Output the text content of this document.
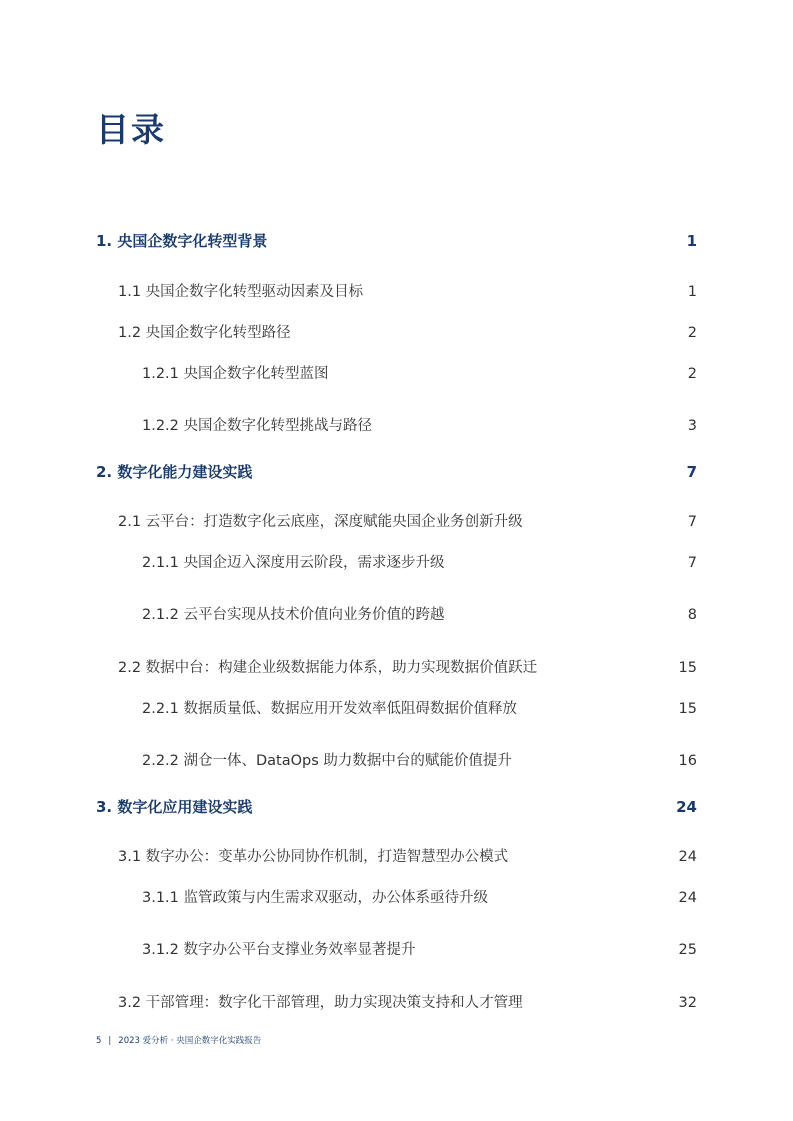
目录
1. 央国企数字化转型背景	1
1.1 央国企数字化转型驱动因素及目标	1
1.2 央国企数字化转型路径	2
1.2.1 央国企数字化转型蓝图	2
1.2.2 央国企数字化转型挑战与路径	3
2. 数字化能力建设实践	7
2.1 云平台：打造数字化云底座，深度赋能央国企业务创新升级	7
2.1.1 央国企迈入深度用云阶段，需求逐步升级	7
2.1.2 云平台实现从技术价值向业务价值的跨越	8
2.2 数据中台：构建企业级数据能力体系，助力实现数据价值跃迁	15
2.2.1 数据质量低、数据应用开发效率低阻碍数据价值释放	15
2.2.2 湖仓一体、DataOps 助力数据中台的赋能价值提升	16
3. 数字化应用建设实践	24
3.1 数字办公：变革办公协同协作机制，打造智慧型办公模式	24
3.1.1 监管政策与内生需求双驱动，办公体系亟待升级	24
3.1.2 数字办公平台支撑业务效率显著提升	25
3.2 干部管理：数字化干部管理，助力实现决策支持和人才管理	32
5 | 2023 爱分析 · 央国企数字化实践报告
